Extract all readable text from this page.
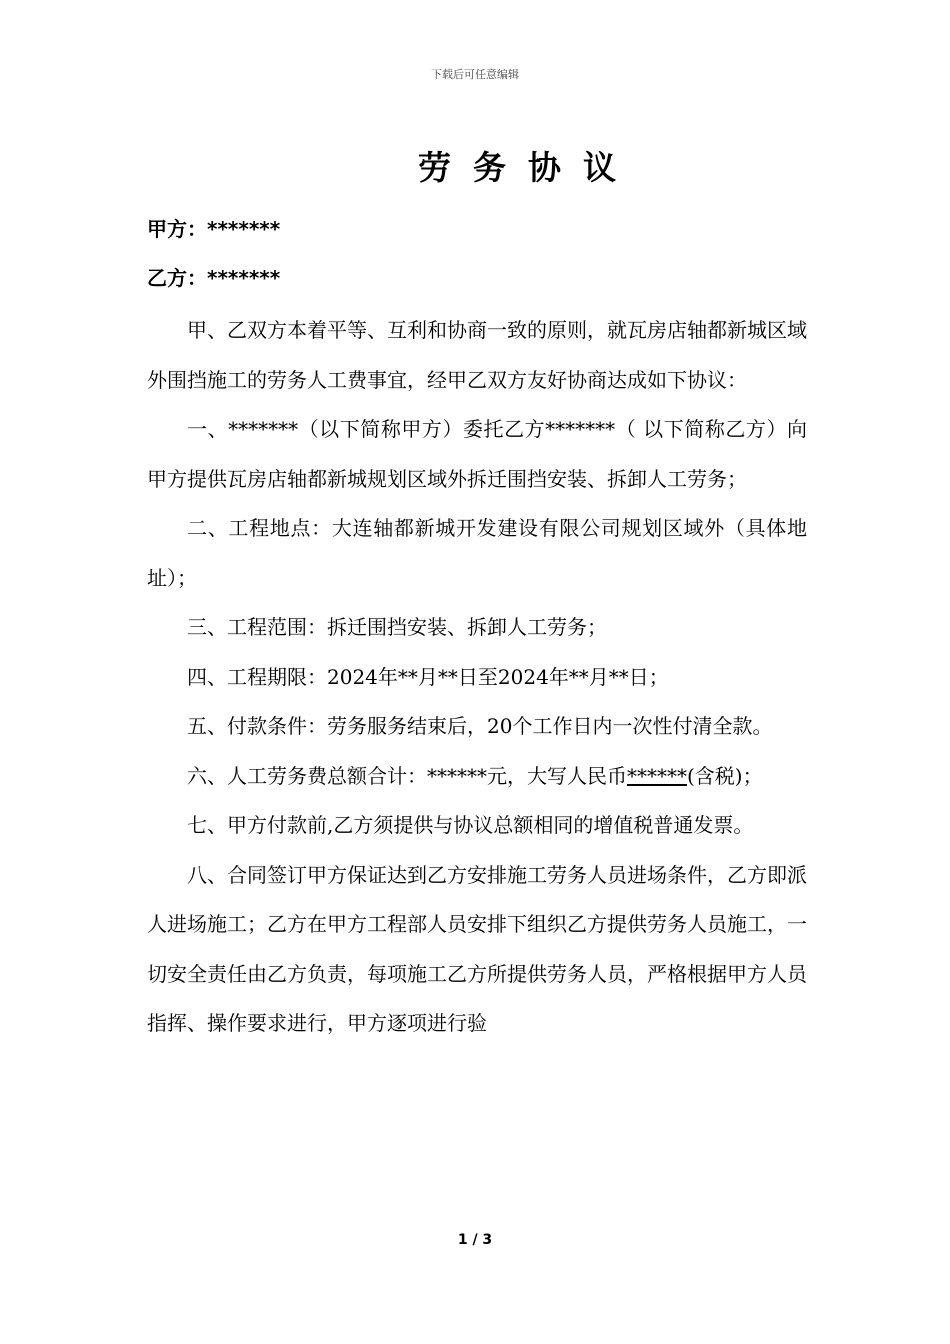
下载后可任意编辑
劳务协议
甲方：*******
乙方：*******

甲、乙双方本着平等、互利和协商一致的原则，就瓦房店轴都新城区域外围挡施工的劳务人工费事宜，经甲乙双方友好协商达成如下协议：

一、*******（以下简称甲方）委托乙方*******（ 以下简称乙方）向甲方提供瓦房店轴都新城规划区域外拆迁围挡安装、拆卸人工劳务；

二、工程地点：大连轴都新城开发建设有限公司规划区域外（具体地址）；

三、工程范围：拆迁围挡安装、拆卸人工劳务；

四、工程期限：2024年**月**日至2024年**月**日；

五、付款条件：劳务服务结束后，20个工作日内一次性付清全款。

六、人工劳务费总额合计：******元，大写人民币******(含税)；

七、甲方付款前,乙方须提供与协议总额相同的增值税普通发票。

八、合同签订甲方保证达到乙方安排施工劳务人员进场条件，乙方即派人进场施工；乙方在甲方工程部人员安排下组织乙方提供劳务人员施工，一切安全责任由乙方负责，每项施工乙方所提供劳务人员，严格根据甲方人员指挥、操作要求进行，甲方逐项进行验

1 / 3
